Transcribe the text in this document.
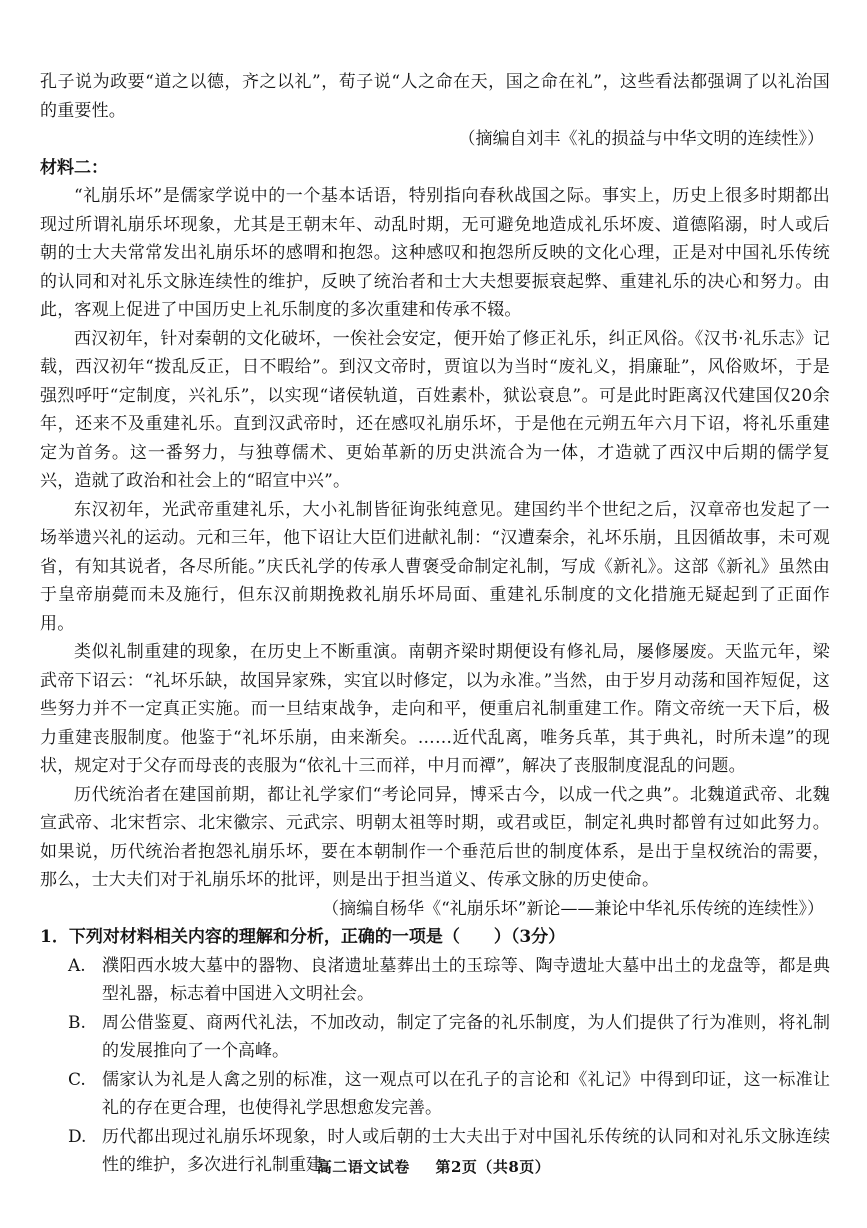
孔子说为政要“道之以德，齐之以礼”，荀子说“人之命在天，国之命在礼”，这些看法都强调了以礼治国的重要性。

（摘编自刘丰《礼的损益与中华文明的连续性》）

材料二：

“礼崩乐坏”是儒家学说中的一个基本话语，特别指向春秋战国之际。事实上，历史上很多时期都出现过所谓礼崩乐坏现象，尤其是王朝末年、动乱时期，无可避免地造成礼乐坏废、道德陷溺，时人或后朝的士大夫常常发出礼崩乐坏的感喟和抱怨。这种感叹和抱怨所反映的文化心理，正是对中国礼乐传统的认同和对礼乐文脉连续性的维护，反映了统治者和士大夫想要振衰起弊、重建礼乐的决心和努力。由此，客观上促进了中国历史上礼乐制度的多次重建和传承不辍。

西汉初年，针对秦朝的文化破坏，一俟社会安定，便开始了修正礼乐，纠正风俗。《汉书·礼乐志》记载，西汉初年“拨乱反正，日不暇给”。到汉文帝时，贾谊以为当时“废礼义，捐廉耻”，风俗败坏，于是强烈呼吁“定制度，兴礼乐”，以实现“诸侯轨道，百姓素朴，狱讼衰息”。可是此时距离汉代建国仅20余年，还来不及重建礼乐。直到汉武帝时，还在感叹礼崩乐坏，于是他在元朔五年六月下诏，将礼乐重建定为首务。这一番努力，与独尊儒术、更始革新的历史洪流合为一体，才造就了西汉中后期的儒学复兴，造就了政治和社会上的“昭宣中兴”。

东汉初年，光武帝重建礼乐，大小礼制皆征询张纯意见。建国约半个世纪之后，汉章帝也发起了一场举遗兴礼的运动。元和三年，他下诏让大臣们进献礼制：“汉遭秦余，礼坏乐崩，且因循故事，未可观省，有知其说者，各尽所能。”庆氏礼学的传承人曹褒受命制定礼制，写成《新礼》。这部《新礼》虽然由于皇帝崩薨而未及施行，但东汉前期挽救礼崩乐坏局面、重建礼乐制度的文化措施无疑起到了正面作用。

类似礼制重建的现象，在历史上不断重演。南朝齐梁时期便设有修礼局，屡修屡废。天监元年，梁武帝下诏云：“礼坏乐缺，故国异家殊，实宜以时修定，以为永准。”当然，由于岁月动荡和国祚短促，这些努力并不一定真正实施。而一旦结束战争，走向和平，便重启礼制重建工作。隋文帝统一天下后，极力重建丧服制度。他鉴于“礼坏乐崩，由来渐矣。……近代乱离，唯务兵革，其于典礼，时所未遑”的现状，规定对于父存而母丧的丧服为“依礼十三而祥，中月而禫”，解决了丧服制度混乱的问题。

历代统治者在建国前期，都让礼学家们“考论同异，博采古今，以成一代之典”。北魏道武帝、北魏宣武帝、北宋哲宗、北宋徽宗、元武宗、明朝太祖等时期，或君或臣，制定礼典时都曾有过如此努力。如果说，历代统治者抱怨礼崩乐坏，要在本朝制作一个垂范后世的制度体系，是出于皇权统治的需要，那么，士大夫们对于礼崩乐坏的批评，则是出于担当道义、传承文脉的历史使命。

（摘编自杨华《“礼崩乐坏”新论——兼论中华礼乐传统的连续性》）

1．下列对材料相关内容的理解和分析，正确的一项是（　　）（3分）

A. 濮阳西水坡大墓中的器物、良渚遗址墓葬出土的玉琮等、陶寺遗址大墓中出土的龙盘等，都是典型礼器，标志着中国进入文明社会。
B. 周公借鉴夏、商两代礼法，不加改动，制定了完备的礼乐制度，为人们提供了行为准则，将礼制的发展推向了一个高峰。
C. 儒家认为礼是人禽之别的标准，这一观点可以在孔子的言论和《礼记》中得到印证，这一标准让礼的存在更合理，也使得礼学思想愈发完善。
D. 历代都出现过礼崩乐坏现象，时人或后朝的士大夫出于对中国礼乐传统的认同和对礼乐文脉连续性的维护，多次进行礼制重建。
高二语文试卷 第2页（共8页）
